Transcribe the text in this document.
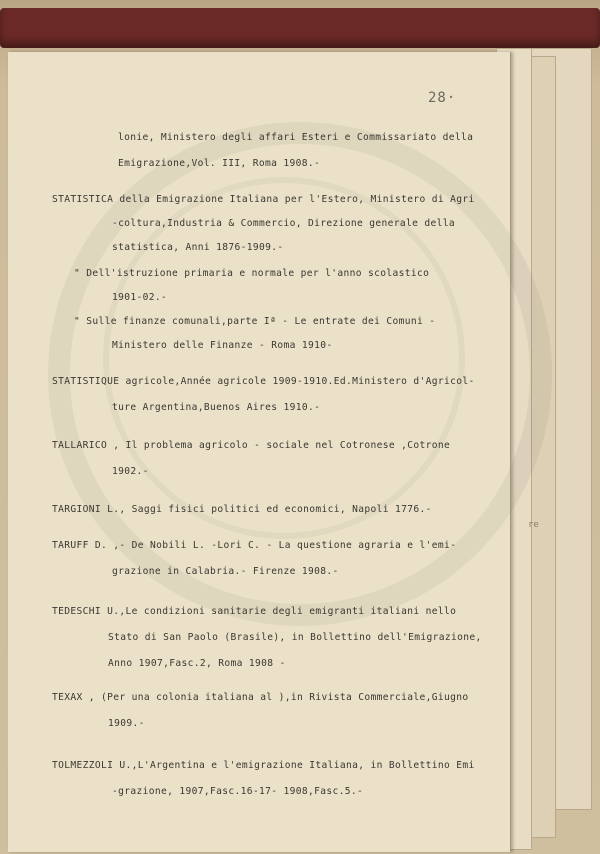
re
28·
lonie, Ministero degli affari Esteri e Commissariato della
Emigrazione,Vol. III, Roma 1908.-
STATISTICA della Emigrazione Italiana per l'Estero, Ministero di Agri
-coltura,Industria & Commercio, Direzione generale della
statistica, Anni 1876-1909.-
" Dell'istruzione primaria e normale per l'anno scolastico
1901-02.-
" Sulle finanze comunali,parte Iª - Le entrate dei Comuni -
Ministero delle Finanze - Roma 1910-
STATISTIQUE agricole,Année agricole 1909-1910.Ed.Ministero d'Agricol-
ture Argentina,Buenos Aires 1910.-
TALLARICO , Il problema agricolo - sociale nel Cotronese ,Cotrone
1902.-
TARGIONI L., Saggi fisici politici ed economici, Napoli 1776.-
TARUFF D. ,- De Nobili L. -Lori C. - La questione agraria e l'emi-
grazione in Calabria.- Firenze 1908.-
TEDESCHI U.,Le condizioni sanitarie degli emigranti italiani nello
Stato di San Paolo (Brasile), in Bollettino dell'Emigrazione,
Anno 1907,Fasc.2, Roma 1908 -
TEXAX , (Per una colonia italiana al ),in Rivista Commerciale,Giugno
1909.-
TOLMEZZOLI U.,L'Argentina e l'emigrazione Italiana, in Bollettino Emi
-grazione, 1907,Fasc.16-17- 1908,Fasc.5.-
